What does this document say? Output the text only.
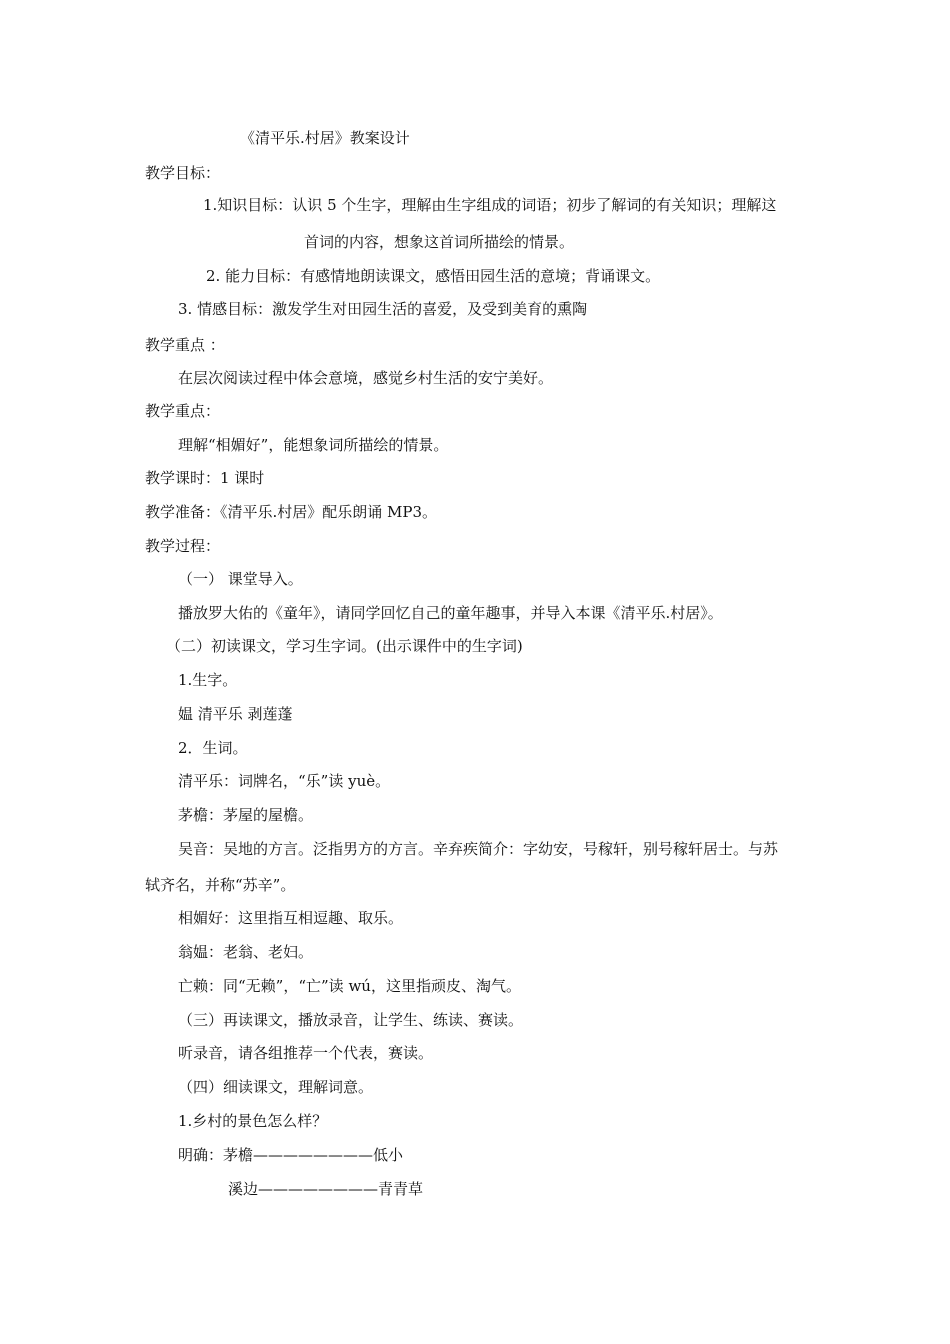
《清平乐.村居》教案设计
教学目标：
1.知识目标：认识 5 个生字，理解由生字组成的词语；初步了解词的有关知识；理解这
首词的内容，想象这首词所描绘的情景。
2. 能力目标：有感情地朗读课文，感悟田园生活的意境；背诵课文。
3. 情感目标：激发学生对田园生活的喜爱，及受到美育的熏陶
教学重点 ：
在层次阅读过程中体会意境，感觉乡村生活的安宁美好。
教学重点：
理解“相媚好”，能想象词所描绘的情景。
教学课时：1 课时
教学准备：《清平乐.村居》配乐朗诵 MP3。
教学过程：
（一） 课堂导入。
播放罗大佑的《童年》，请同学回忆自己的童年趣事，并导入本课《清平乐.村居》。
（二）初读课文，学习生字词。(出示课件中的生字词)
1.生字。
媪 清平乐 剥莲蓬
2．生词。
清平乐：词牌名，“乐”读 yuè。
茅檐：茅屋的屋檐。
吴音：吴地的方言。泛指男方的方言。辛弃疾简介：字幼安，号稼轩，别号稼轩居士。与苏
轼齐名，并称“苏辛”。
相媚好：这里指互相逗趣、取乐。
翁媪：老翁、老妇。
亡赖：同“无赖”，“亡”读 wú，这里指顽皮、淘气。
（三）再读课文，播放录音，让学生、练读、赛读。
听录音，请各组推荐一个代表，赛读。
（四）细读课文，理解词意。
1.乡村的景色怎么样？
明确：茅檐————————低小
溪边————————青青草
